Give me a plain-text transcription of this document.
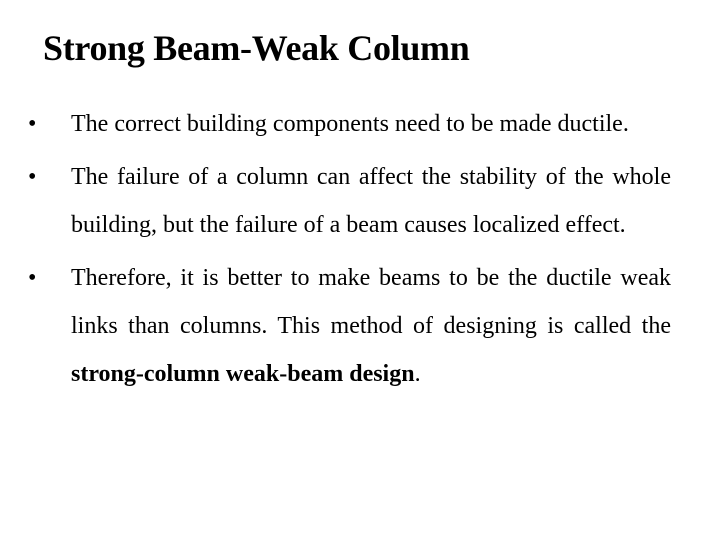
Strong Beam-Weak Column
•	The correct building components need to be made ductile.
•	The failure of a column can affect the stability of the whole building, but the failure of a beam causes localized effect.
•	Therefore, it is better to make beams to be the ductile weak links than columns. This method of designing is called the strong-column weak-beam design.
